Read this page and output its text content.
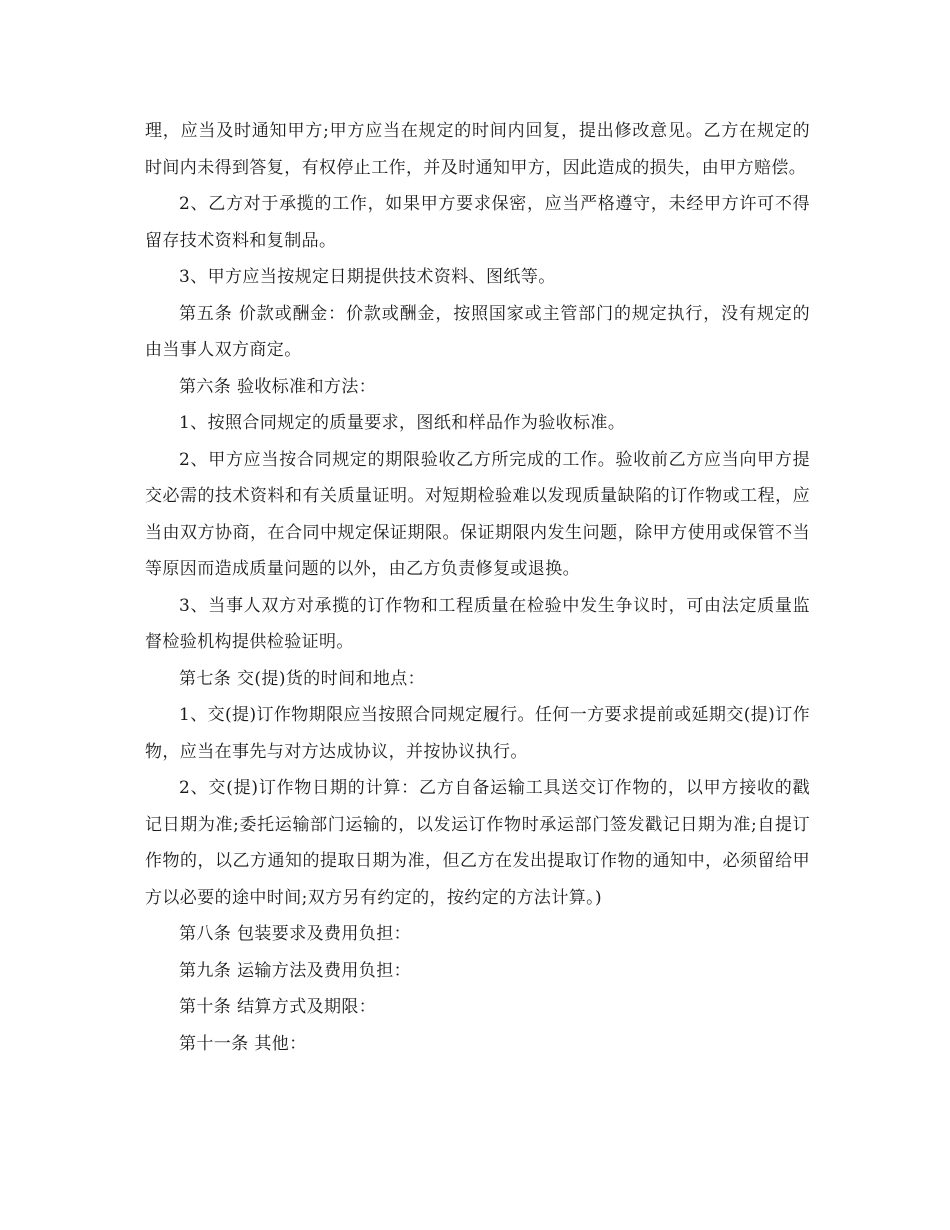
理，应当及时通知甲方;甲方应当在规定的时间内回复，提出修改意见。乙方在规定的时间内未得到答复，有权停止工作，并及时通知甲方，因此造成的损失，由甲方赔偿。

2、乙方对于承揽的工作，如果甲方要求保密，应当严格遵守，未经甲方许可不得留存技术资料和复制品。

3、甲方应当按规定日期提供技术资料、图纸等。

第五条 价款或酬金：价款或酬金，按照国家或主管部门的规定执行，没有规定的由当事人双方商定。

第六条 验收标准和方法：

1、按照合同规定的质量要求，图纸和样品作为验收标准。

2、甲方应当按合同规定的期限验收乙方所完成的工作。验收前乙方应当向甲方提交必需的技术资料和有关质量证明。对短期检验难以发现质量缺陷的订作物或工程，应当由双方协商，在合同中规定保证期限。保证期限内发生问题，除甲方使用或保管不当等原因而造成质量问题的以外，由乙方负责修复或退换。

3、当事人双方对承揽的订作物和工程质量在检验中发生争议时，可由法定质量监督检验机构提供检验证明。

第七条 交(提)货的时间和地点：

1、交(提)订作物期限应当按照合同规定履行。任何一方要求提前或延期交(提)订作物，应当在事先与对方达成协议，并按协议执行。

2、交(提)订作物日期的计算：乙方自备运输工具送交订作物的，以甲方接收的戳记日期为准;委托运输部门运输的，以发运订作物时承运部门签发戳记日期为准;自提订作物的，以乙方通知的提取日期为准，但乙方在发出提取订作物的通知中，必须留给甲方以必要的途中时间;双方另有约定的，按约定的方法计算。)

第八条 包装要求及费用负担：

第九条 运输方法及费用负担：

第十条 结算方式及期限：

第十一条 其他：
